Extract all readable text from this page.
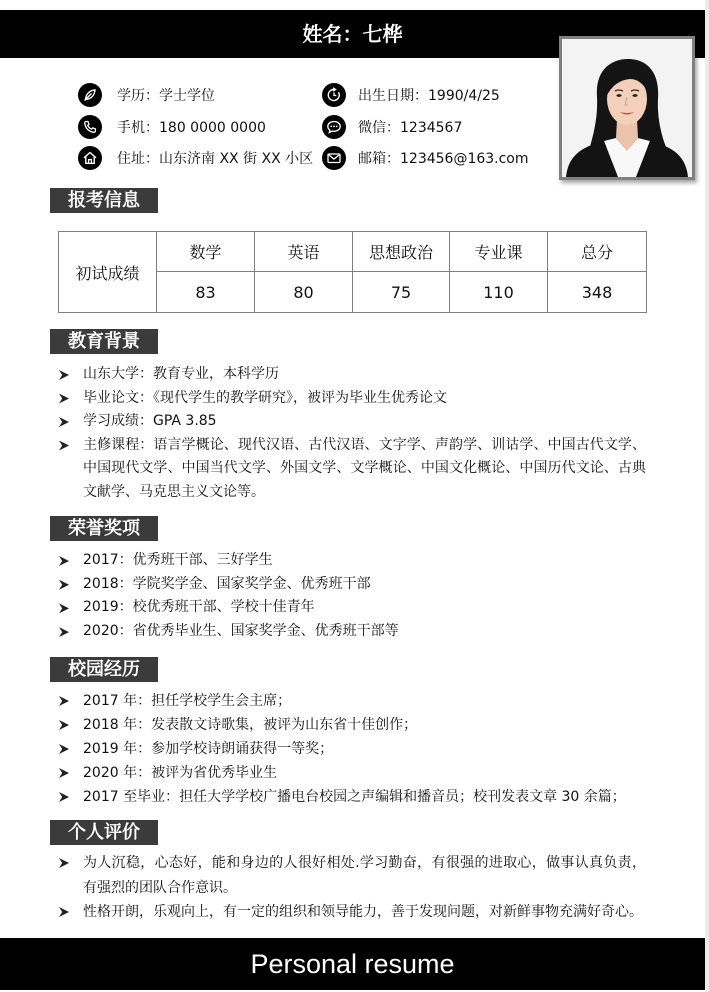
姓名：七桦
学历：学士学位	出生日期：1990/4/25
手机：180 0000 0000	微信：1234567
住址：山东济南 XX 街 XX 小区	邮箱：123456@163.com
报考信息
初试成绩	数学	英语	思想政治	专业课	总分
	83	80	75	110	348
教育背景
山东大学：教育专业，本科学历
毕业论文：《现代学生的教学研究》，被评为毕业生优秀论文
学习成绩：GPA 3.85
主修课程：语言学概论、现代汉语、古代汉语、文字学、声韵学、训诂学、中国古代文学、中国现代文学、中国当代文学、外国文学、文学概论、中国文化概论、中国历代文论、古典文献学、马克思主义文论等。
荣誉奖项
2017：优秀班干部、三好学生
2018：学院奖学金、国家奖学金、优秀班干部
2019：校优秀班干部、学校十佳青年
2020：省优秀毕业生、国家奖学金、优秀班干部等
校园经历
2017 年：担任学校学生会主席；
2018 年：发表散文诗歌集，被评为山东省十佳创作；
2019 年：参加学校诗朗诵获得一等奖；
2020 年：被评为省优秀毕业生
2017 至毕业：担任大学学校广播电台校园之声编辑和播音员；校刊发表文章 30 余篇；
个人评价
为人沉稳，心态好，能和身边的人很好相处.学习勤奋，有很强的进取心，做事认真负责，有强烈的团队合作意识。
性格开朗，乐观向上，有一定的组织和领导能力，善于发现问题，对新鲜事物充满好奇心。
Personal resume
